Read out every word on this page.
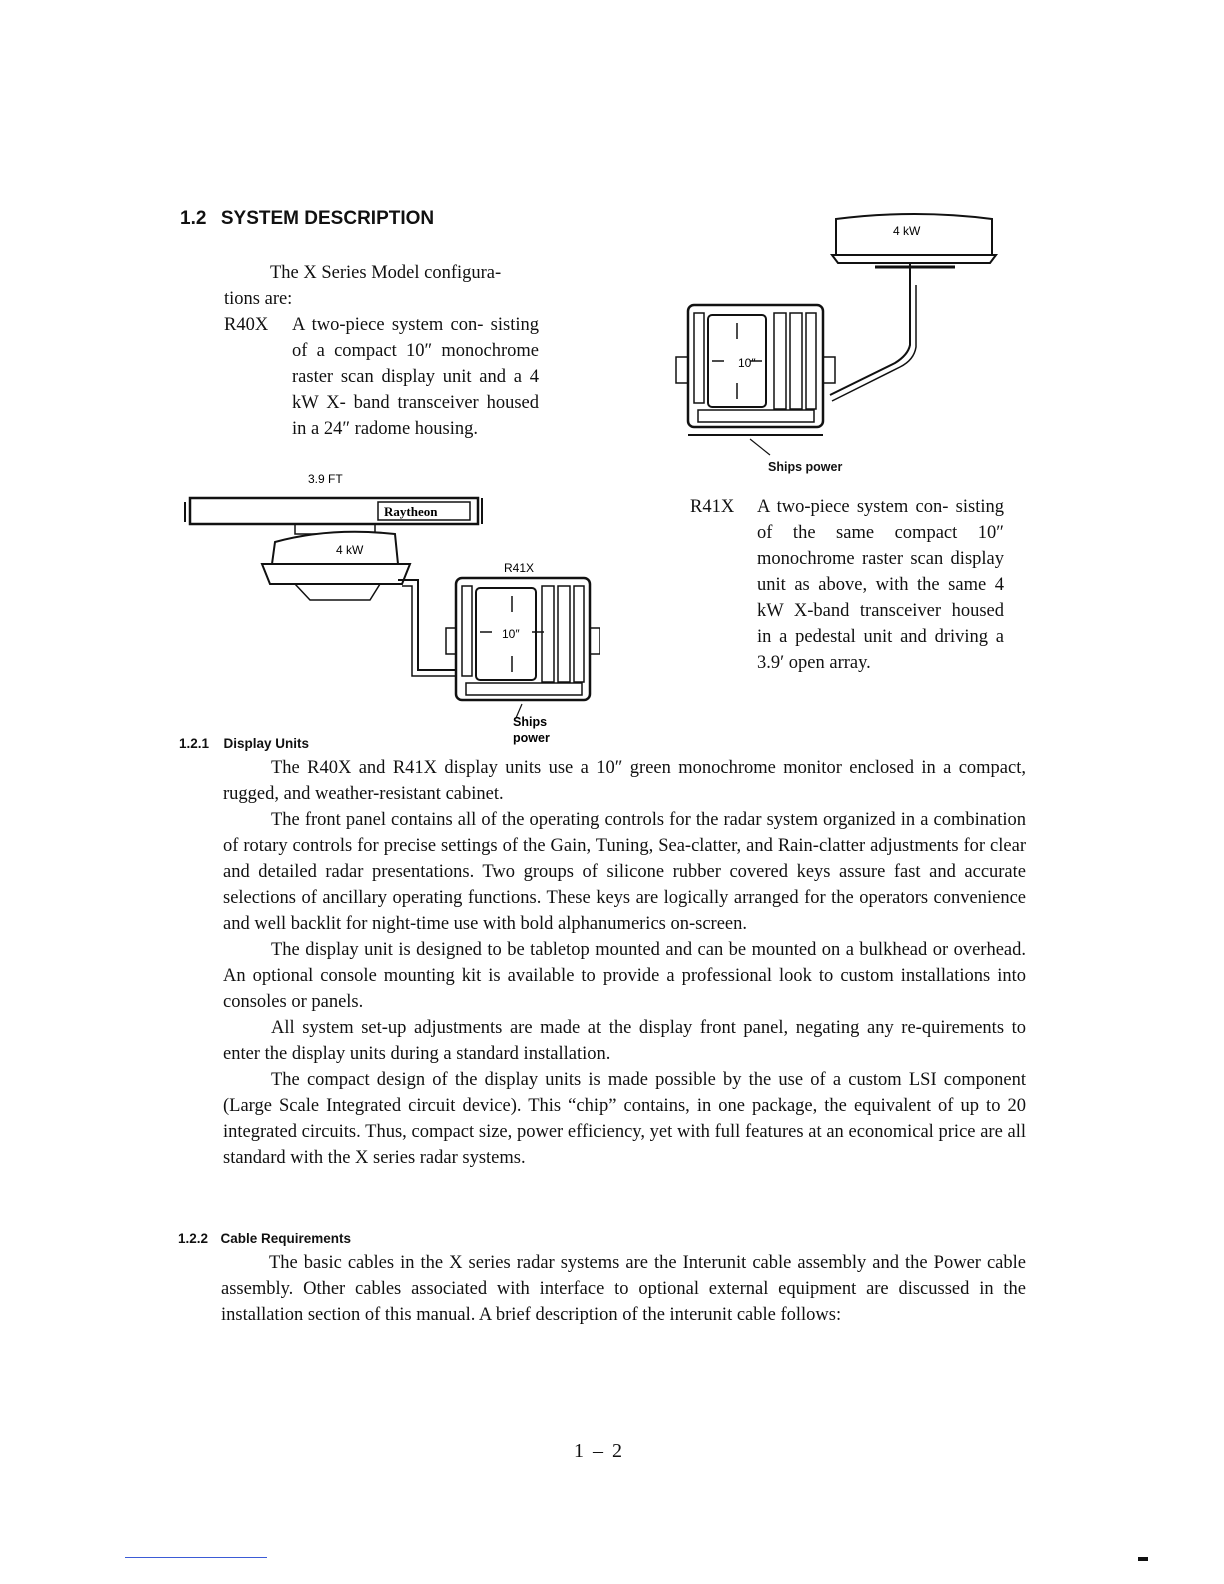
1.2 SYSTEM DESCRIPTION
The X Series Model configura-
tions are:
R40X A two-piece system con- sisting of a compact 10″ monochrome raster scan display unit and a 4 kW X- band transceiver housed in a 24″ radome housing.
4 kW
10″
Ships power
R41X A two-piece system con- sisting of the same compact 10″ monochrome raster scan display unit as above, with the same 4 kW X-band transceiver housed in a pedestal unit and driving a 3.9′ open array.
3.9 FT
Raytheon
4 kW
R41X
10″
Ships
power
1.2.1 Display Units

The R40X and R41X display units use a 10″ green monochrome monitor enclosed in a compact, rugged, and weather-resistant cabinet.

The front panel contains all of the operating controls for the radar system organized in a combination of rotary controls for precise settings of the Gain, Tuning, Sea-clatter, and Rain-clatter adjustments for clear and detailed radar presentations. Two groups of silicone rubber covered keys assure fast and accurate selections of ancillary operating functions. These keys are logically arranged for the operators convenience and well backlit for night-time use with bold alphanumerics on-screen.

The display unit is designed to be tabletop mounted and can be mounted on a bulkhead or overhead. An optional console mounting kit is available to provide a professional look to custom installations into consoles or panels.

All system set-up adjustments are made at the display front panel, negating any re-quirements to enter the display units during a standard installation.

The compact design of the display units is made possible by the use of a custom LSI component (Large Scale Integrated circuit device). This “chip” contains, in one package, the equivalent of up to 20 integrated circuits. Thus, compact size, power efficiency, yet with full features at an economical price are all standard with the X series radar systems.

1.2.2 Cable Requirements

The basic cables in the X series radar systems are the Interunit cable assembly and the Power cable assembly. Other cables associated with interface to optional external equipment are discussed in the installation section of this manual. A brief description of the interunit cable follows:

1 – 2
